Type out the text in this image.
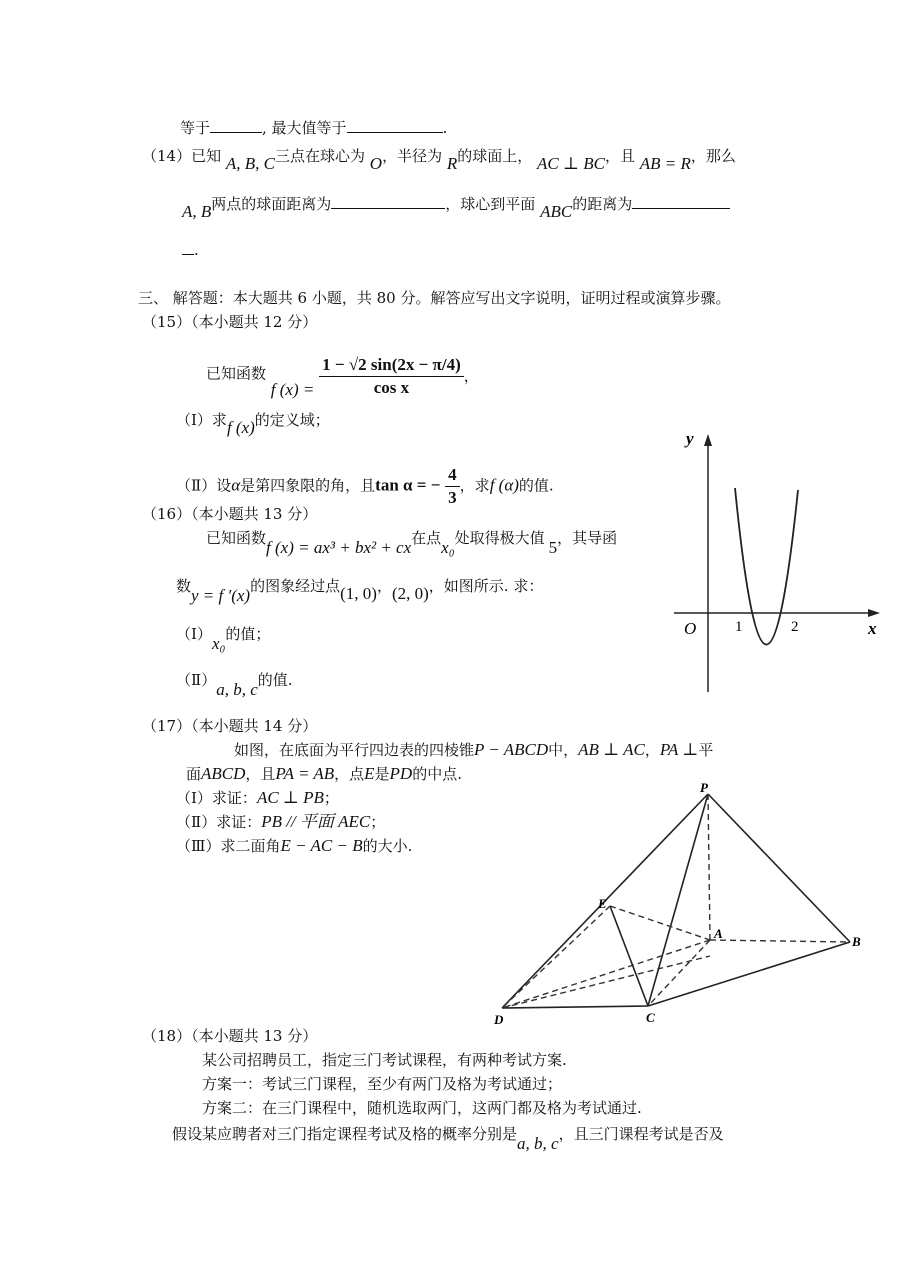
等于	, 最大值等于	.
（14）已知 A, B, C三点在球心为 O，半径为 R的球面上， AC ⊥ BC，且 AB = R，那么
A, B两点的球面距离为	，球心到平面 ABC的距离为
.
三、 解答题：本大题共 6 小题，共 80 分。解答应写出文字说明，证明过程或演算步骤。
（15）（本小题共 12 分）
已知函数 f $(x) = \frac{1 - √2 \sin(2x - \pi/4)}{\text{cos x}}$ ，
（Ⅰ）求f (x)的定义域；
（Ⅱ）设α是第四象限的角，且tan α = − $\frac{4}{3}$ ，求f (α)的值.
（16）（本小题共 13 分）
已知函数f (x) = ax³ + bx² + cx在点x₀处取得极大值 5，其导函
数y = f ′(x)的图象经过点(1, 0)，(2, 0)，如图所示. 求：
（Ⅰ）x₀的值；
（Ⅱ）a, b, c的值.
y
x
O	1	2
（17）（本小题共 14 分）
如图，在底面为平行四边表的四棱锥P − ABCD中，AB ⊥ AC，PA ⊥平
面ABCD，且PA = AB，点E是PD的中点.
（Ⅰ）求证：AC ⊥ PB；
（Ⅱ）求证：PB // 平面 AEC；
（Ⅲ）求二面角E − AC − B的大小.
P
E
A
B
D	C
（18）（本小题共 13 分）
某公司招聘员工，指定三门考试课程，有两种考试方案.
方案一：考试三门课程，至少有两门及格为考试通过；
方案二：在三门课程中，随机选取两门，这两门都及格为考试通过.
假设某应聘者对三门指定课程考试及格的概率分别是a, b, c，且三门课程考试是否及
